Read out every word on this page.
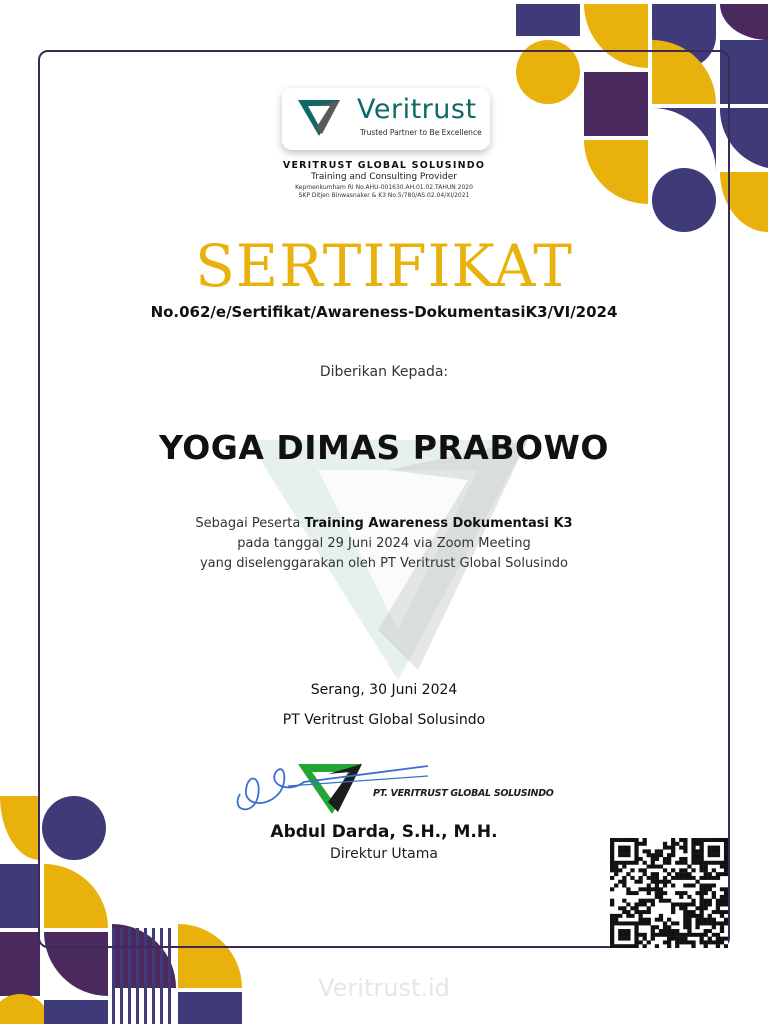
Veritrust
Trusted Partner to Be Excellence
VERITRUST GLOBAL SOLUSINDO
Training and Consulting Provider
Kepmenkumham RI No.AHU-001630.AH.01.02.TAHUN 2020
SKP Ditjen Binwasnaker & K3 No.5/780/AS.02.04/XI/2021
SERTIFIKAT
No.062/e/Sertifikat/Awareness-DokumentasiK3/VI/2024
Diberikan Kepada:
YOGA DIMAS PRABOWO
Sebagai Peserta Training Awareness Dokumentasi K3
pada tanggal 29 Juni 2024 via Zoom Meeting
yang diselenggarakan oleh PT Veritrust Global Solusindo
Serang, 30 Juni 2024
PT Veritrust Global Solusindo
PT. VERITRUST GLOBAL SOLUSINDO
Abdul Darda, S.H., M.H.
Direktur Utama
Veritrust.id
